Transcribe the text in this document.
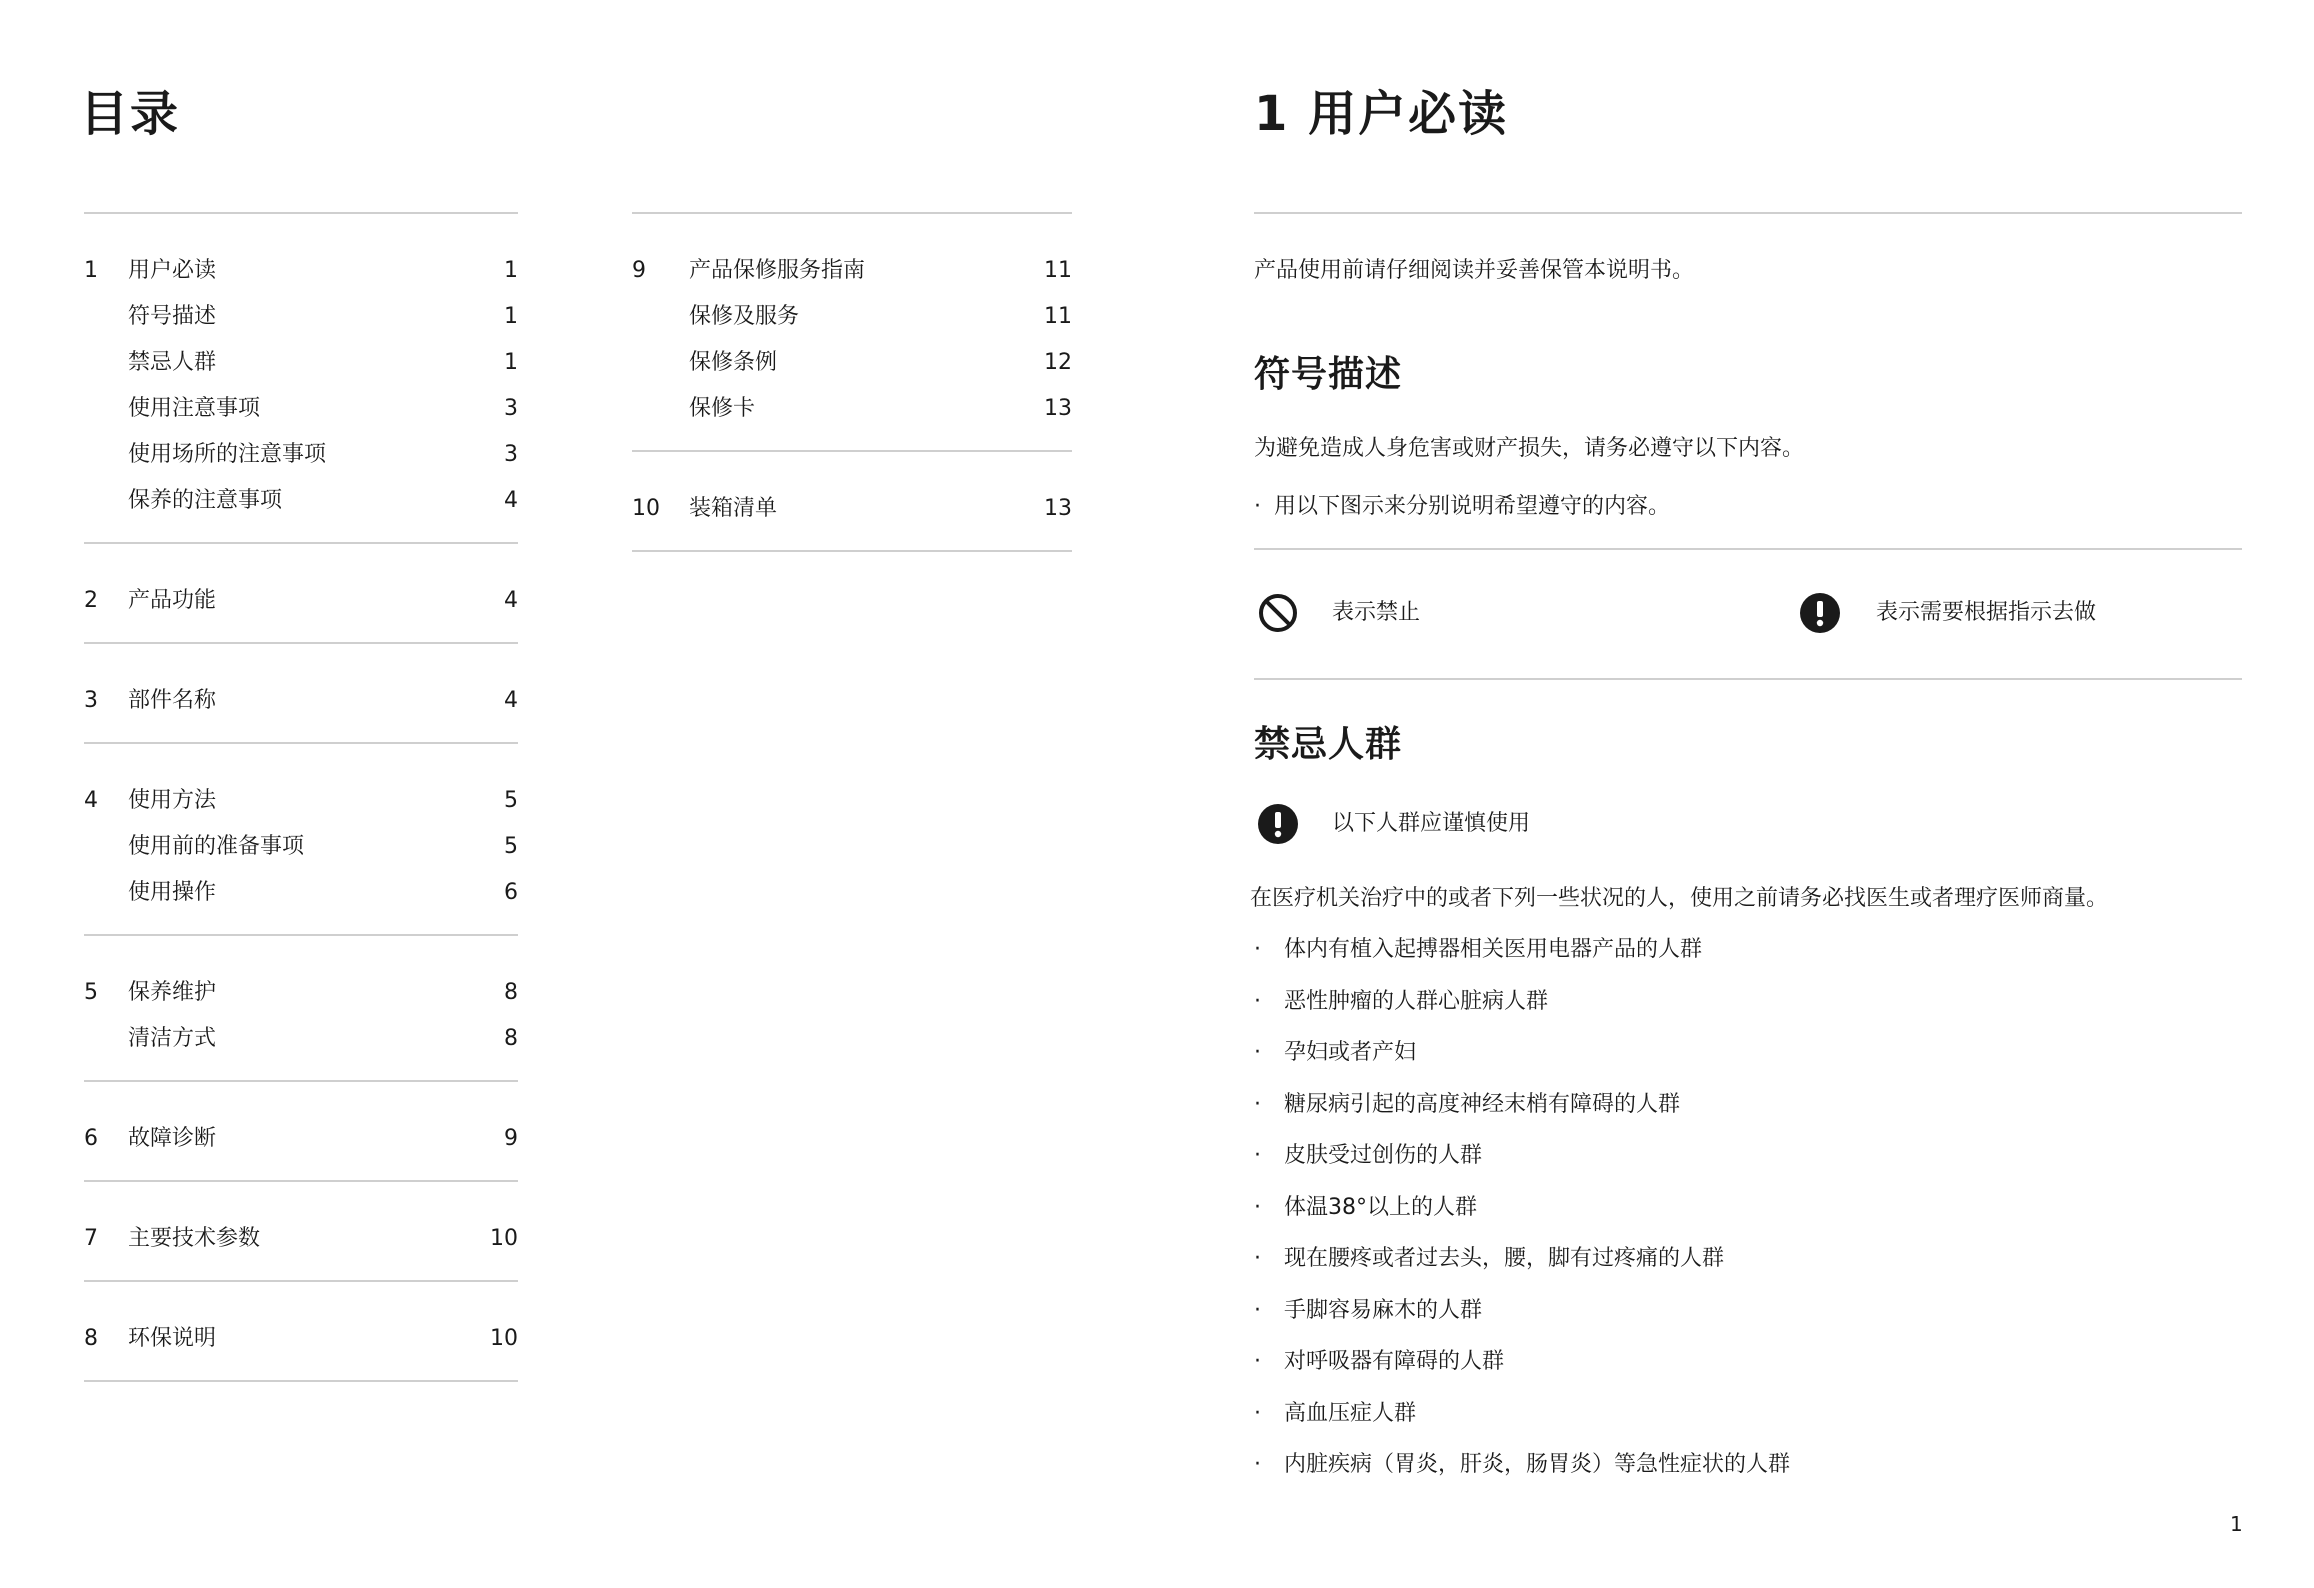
目录
1 用户必读	1
符号描述	1
禁忌人群	1
使用注意事项	3
使用场所的注意事项	3
保养的注意事项	4
2 产品功能	4
3 部件名称	4
4 使用方法	5
使用前的准备事项	5
使用操作	6
5 保养维护	8
清洁方式	8
6 故障诊断	9
7 主要技术参数	10
8 环保说明	10
9 产品保修服务指南	11
保修及服务	11
保修条例	12
保修卡	13
10 装箱清单	13
1 用户必读
产品使用前请仔细阅读并妥善保管本说明书。
符号描述
为避免造成人身危害或财产损失，请务必遵守以下内容。
· 用以下图示来分别说明希望遵守的内容。
表示禁止	表示需要根据指示去做
禁忌人群
以下人群应谨慎使用
在医疗机关治疗中的或者下列一些状况的人，使用之前请务必找医生或者理疗医师商量。
· 体内有植入起搏器相关医用电器产品的人群
· 恶性肿瘤的人群心脏病人群
· 孕妇或者产妇
· 糖尿病引起的高度神经末梢有障碍的人群
· 皮肤受过创伤的人群
· 体温38°以上的人群
· 现在腰疼或者过去头，腰，脚有过疼痛的人群
· 手脚容易麻木的人群
· 对呼吸器有障碍的人群
· 高血压症人群
· 内脏疾病（胃炎，肝炎，肠胃炎）等急性症状的人群
1
